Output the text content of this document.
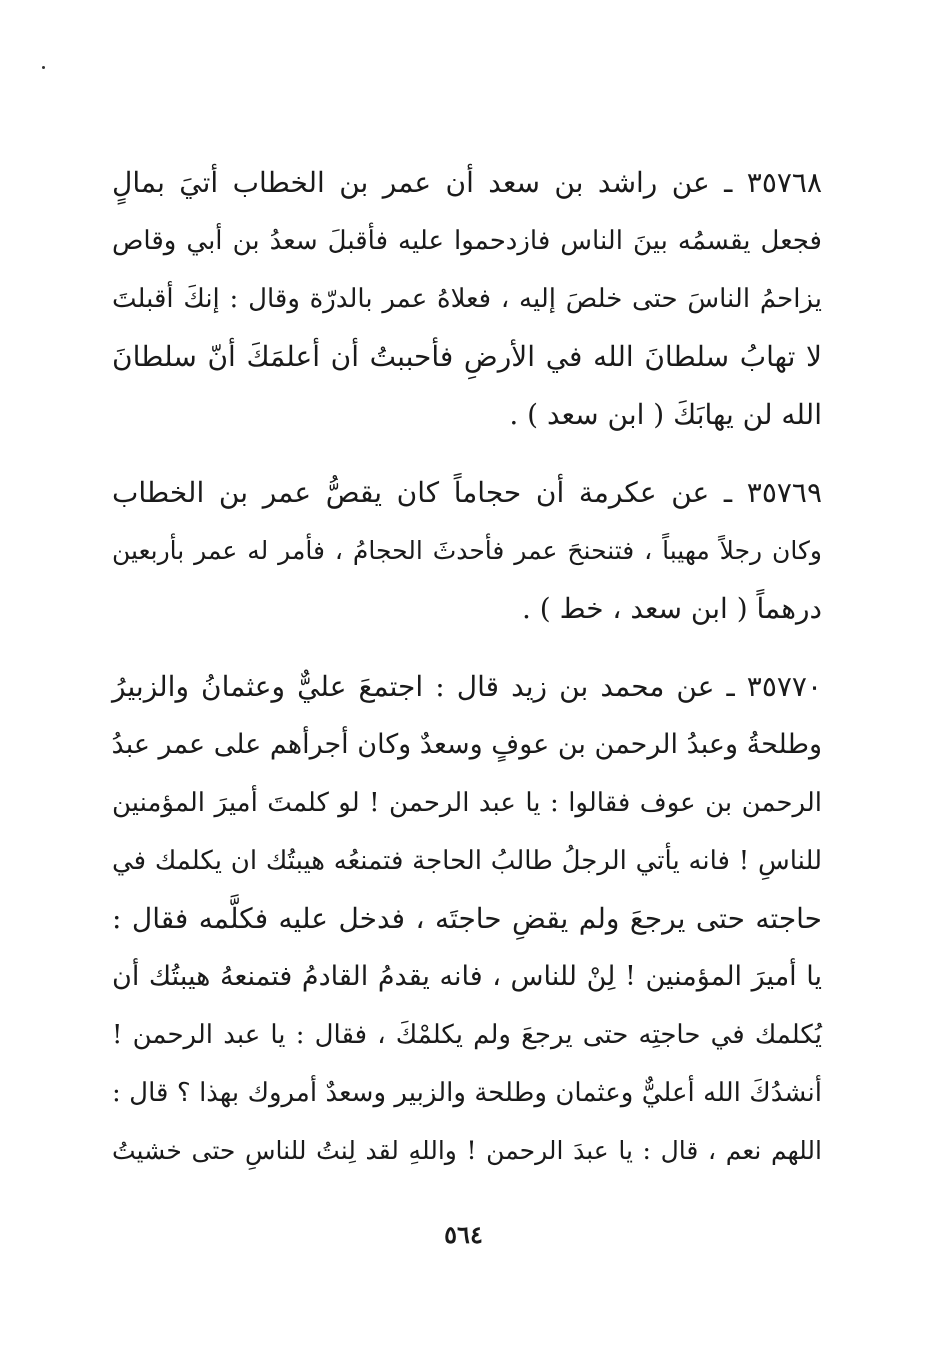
٣٥٧٦٨ ـ عن راشد بن سعد أن عمر بن الخطاب أتيَ بمالٍ
فجعل يقسمُه بينَ الناس فازدحموا عليه فأقبلَ سعدُ بن أبي وقاص
يزاحمُ الناسَ حتى خلصَ إليه ، فعلاهُ عمر بالدرّة وقال : إنكَ أقبلتَ
لا تهابُ سلطانَ الله في الأرضِ فأحببتُ أن أعلمَكَ أنّ سلطانَ
الله لن يهابَكَ ( ابن سعد ) .
٣٥٧٦٩ ـ عن عكرمة أن حجاماً كان يقصُّ عمر بن الخطاب
وكان رجلاً مهيباً ، فتنحنحَ عمر فأحدثَ الحجامُ ، فأمر له عمر بأربعين
درهماً ( ابن سعد ، خط ) .
٣٥٧٧٠ ـ عن محمد بن زيد قال : اجتمعَ عليٌّ وعثمانُ والزبيرُ
وطلحةُ وعبدُ الرحمن بن عوفٍ وسعدٌ وكان أجرأهم على عمر عبدُ
الرحمن بن عوف فقالوا : يا عبد الرحمن ! لو كلمتَ أميرَ المؤمنين
للناسِ ! فانه يأتي الرجلُ طالبُ الحاجة فتمنعُه هيبتُك ان يكلمك في
حاجته حتى يرجعَ ولم يقضِ حاجتَه ، فدخل عليه فكلَّمه فقال :
يا أميرَ المؤمنين ! لِنْ للناس ، فانه يقدمُ القادمُ فتمنعهُ هيبتُك أن
يُكلمك في حاجتِه حتى يرجعَ ولم يكلمْكَ ، فقال : يا عبد الرحمن !
أنشدُكَ الله أعليٌّ وعثمان وطلحة والزبير وسعدٌ أمروك بهذا ؟ قال :
اللهم نعم ، قال : يا عبدَ الرحمن ! واللهِ لقد لِنتُ للناسِ حتى خشيتُ
٥٦٤
